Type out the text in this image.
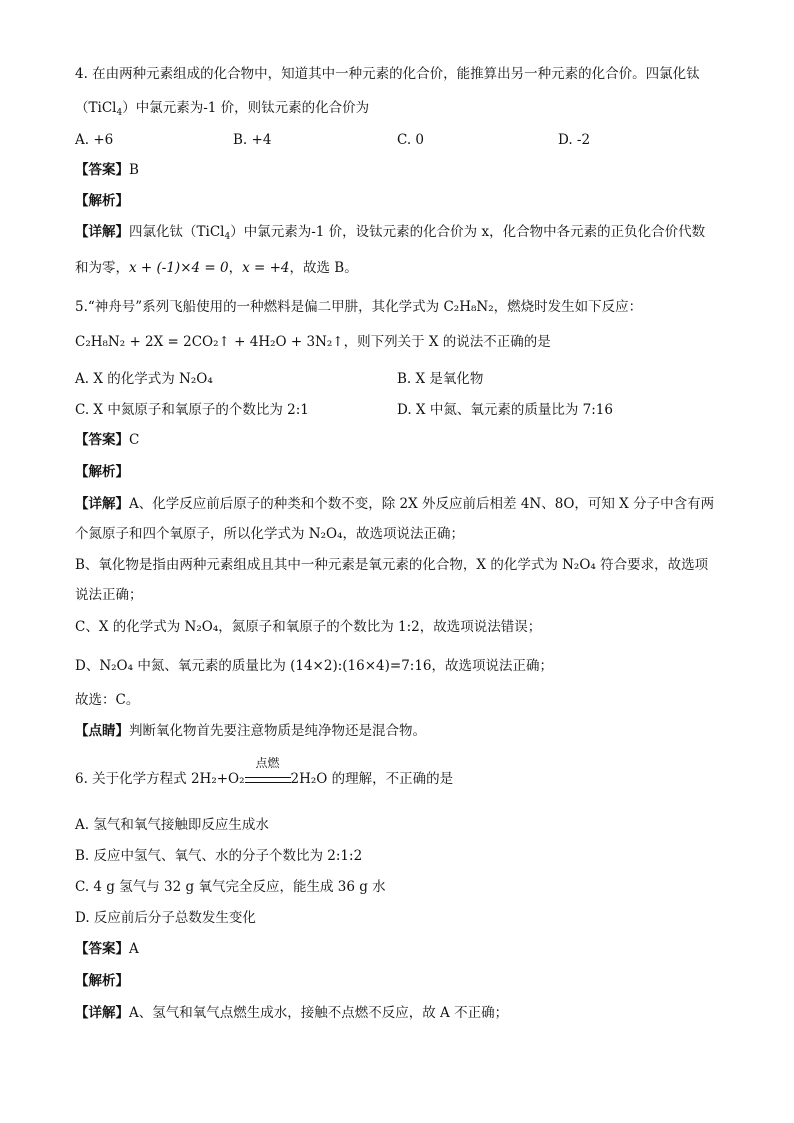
4. 在由两种元素组成的化合物中，知道其中一种元素的化合价，能推算出另一种元素的化合价。四氯化钛
（TiCl$_4$）中氯元素为-1 价，则钛元素的化合价为
A. +6	B. +4	C. 0	D. -2
【答案】B
【解析】
【详解】四氯化钛（TiCl$_4$）中氯元素为-1 价，设钛元素的化合价为 x，化合物中各元素的正负化合价代数
和为零，x + (-1)×4 = 0，x = +4，故选 B。
5.“神舟号”系列飞船使用的一种燃料是偏二甲肼，其化学式为 C₂H₈N₂，燃烧时发生如下反应：
C₂H₈N₂ + 2X = 2CO₂↑ + 4H₂O + 3N₂↑，则下列关于 X 的说法不正确的是
A. X 的化学式为 N₂O₄	B. X 是氧化物
C. X 中氮原子和氧原子的个数比为 2:1	D. X 中氮、氧元素的质量比为 7:16
【答案】C
【解析】
【详解】A、化学反应前后原子的种类和个数不变，除 2X 外反应前后相差 4N、8O，可知 X 分子中含有两
个氮原子和四个氧原子，所以化学式为 N₂O₄，故选项说法正确；
B、氧化物是指由两种元素组成且其中一种元素是氧元素的化合物，X 的化学式为 N₂O₄ 符合要求，故选项
说法正确；
C、X 的化学式为 N₂O₄，氮原子和氧原子的个数比为 1:2，故选项说法错误；
D、N₂O₄ 中氮、氧元素的质量比为 (14×2):(16×4)=7:16，故选项说法正确；
故选：C。
【点睛】判断氧化物首先要注意物质是纯净物还是混合物。
6. 关于化学方程式 2H₂+O₂
点燃
2H₂O 的理解，不正确的是
A. 氢气和氧气接触即反应生成水
B. 反应中氢气、氧气、水的分子个数比为 2:1:2
C. 4 g 氢气与 32 g 氧气完全反应，能生成 36 g 水
D. 反应前后分子总数发生变化
【答案】A
【解析】
【详解】A、氢气和氧气点燃生成水，接触不点燃不反应，故 A 不正确；
